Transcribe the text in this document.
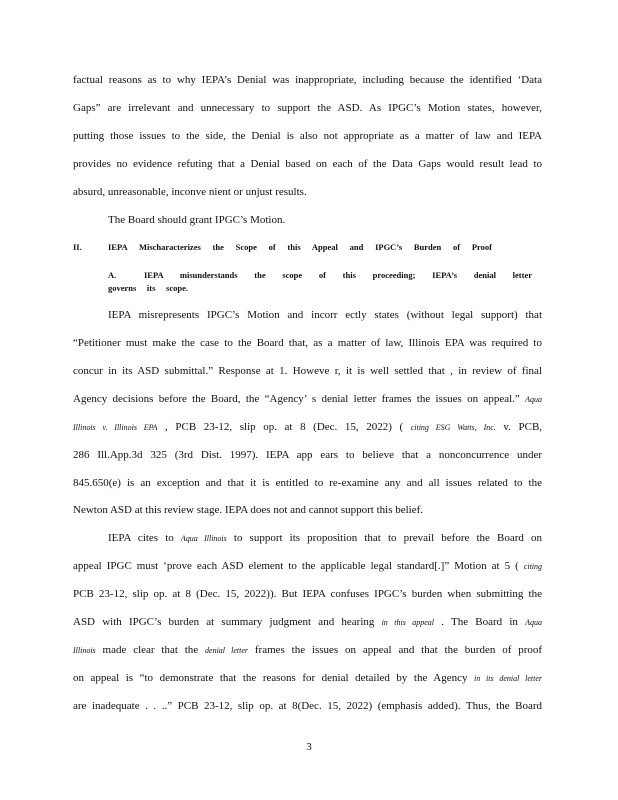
factual reasons as to why IEPA’s Denial was inappropriate, including because the identified ‘Data
Gaps” are irrelevant and unnecessary to support the ASD. As IPGC’s Motion states, however,
putting those issues to the side, the Denial is also not appropriate as a matter of law and IEPA
provides no evidence refuting that a Denial based on each of the Data Gaps would result lead to
absurd, unreasonable, inconve nient or unjust results.
The Board should grant IPGC’s Motion.
II.	IEPA Mischaracterizes the Scope of this Appeal and IPGC’s Burden of Proof
A.	IEPA misunderstands the scope of this proceeding; IEPA’s denial letter
governs its scope.
IEPA misrepresents IPGC’s Motion and incorr ectly states (without legal support) that
“Petitioner must make the case to the Board that, as a matter of law, Illinois EPA was required to
concur in its ASD submittal.” Response at 1. Howeve r, it is well settled that , in review of final
Agency decisions before the Board, the “Agency’ s denial letter frames the issues on appeal.” Aqua
Illinois v. Illinois EPA , PCB 23-12, slip op. at 8 (Dec. 15, 2022) ( citing ESG Watts, Inc. v. PCB,
286 Ill.App.3d 325 (3rd Dist. 1997). IEPA app ears to believe that a nonconcurrence under
845.650(e) is an exception and that it is entitled to re-examine any and all issues related to the
Newton ASD at this review stage. IEPA does not and cannot support this belief.
IEPA cites to Aqua Illinois to support its proposition that to prevail before the Board on
appeal IPGC must ‘prove each ASD element to the applicable legal standard[.]” Motion at 5 ( citing
PCB 23-12, slip op. at 8 (Dec. 15, 2022)). But IEPA confuses IPGC’s burden when submitting the
ASD with IPGC’s burden at summary judgment and hearing in this appeal . The Board in Aqua
Illinois made clear that the denial letter frames the issues on appeal and that the burden of proof
on appeal is “to demonstrate that the reasons for denial detailed by the Agency in its denial letter
are inadequate . . ..” PCB 23-12, slip op. at 8(Dec. 15, 2022) (emphasis added). Thus, the Board
3
